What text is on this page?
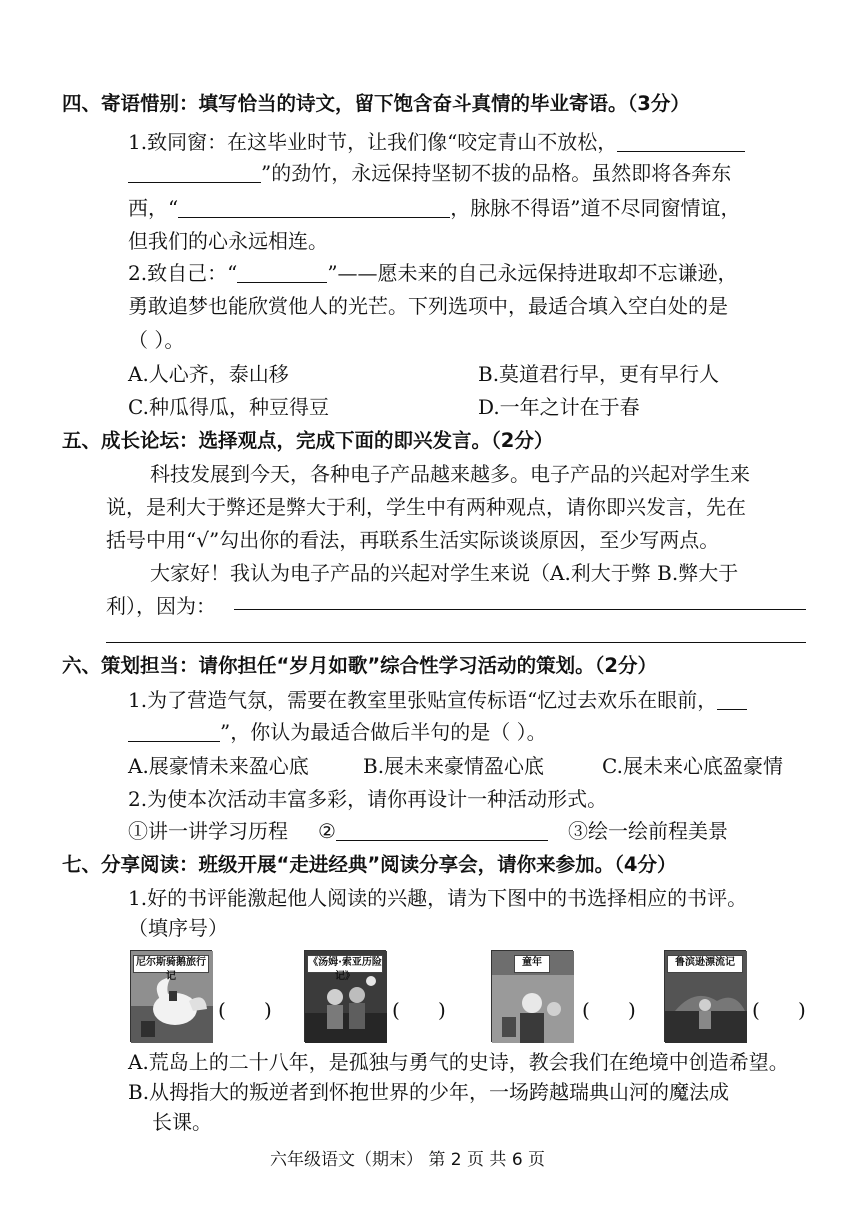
四、寄语惜别：填写恰当的诗文，留下饱含奋斗真情的毕业寄语。（3分）
1.致同窗：在这毕业时节，让我们像“咬定青山不放松，
”的劲竹，永远保持坚韧不拔的品格。虽然即将各奔东
西，“	，脉脉不得语”道不尽同窗情谊，
但我们的心永远相连。
2.致自己：“	”——愿未来的自己永远保持进取却不忘谦逊，
勇敢追梦也能欣赏他人的光芒。下列选项中，最适合填入空白处的是
（ ）。
A.人心齐，泰山移	B.莫道君行早，更有早行人
C.种瓜得瓜，种豆得豆	D.一年之计在于春
五、成长论坛：选择观点，完成下面的即兴发言。（2分）
科技发展到今天，各种电子产品越来越多。电子产品的兴起对学生来
说，是利大于弊还是弊大于利，学生中有两种观点，请你即兴发言，先在
括号中用“√”勾出你的看法，再联系生活实际谈谈原因，至少写两点。
大家好！我认为电子产品的兴起对学生来说（A.利大于弊 B.弊大于
利），因为：
六、策划担当：请你担任“岁月如歌”综合性学习活动的策划。（2分）
1.为了营造气氛，需要在教室里张贴宣传标语“忆过去欢乐在眼前，
”，你认为最适合做后半句的是（ ）。
A.展豪情未来盈心底	B.展未来豪情盈心底	C.展未来心底盈豪情
2.为使本次活动丰富多彩，请你再设计一种活动形式。
①讲一讲学习历程 ②	③绘一绘前程美景
七、分享阅读：班级开展“走进经典”阅读分享会，请你来参加。（4分）
1.好的书评能激起他人阅读的兴趣，请为下图中的书选择相应的书评。
（填序号）
尼尔斯骑鹅旅行记
(      )
《汤姆·索亚历险记》
(      )
童年
(      )
鲁滨逊漂流记
(      )
A.荒岛上的二十八年，是孤独与勇气的史诗，教会我们在绝境中创造希望。
B.从拇指大的叛逆者到怀抱世界的少年，一场跨越瑞典山河的魔法成
长课。
六年级语文（期末） 第 2 页 共 6 页
